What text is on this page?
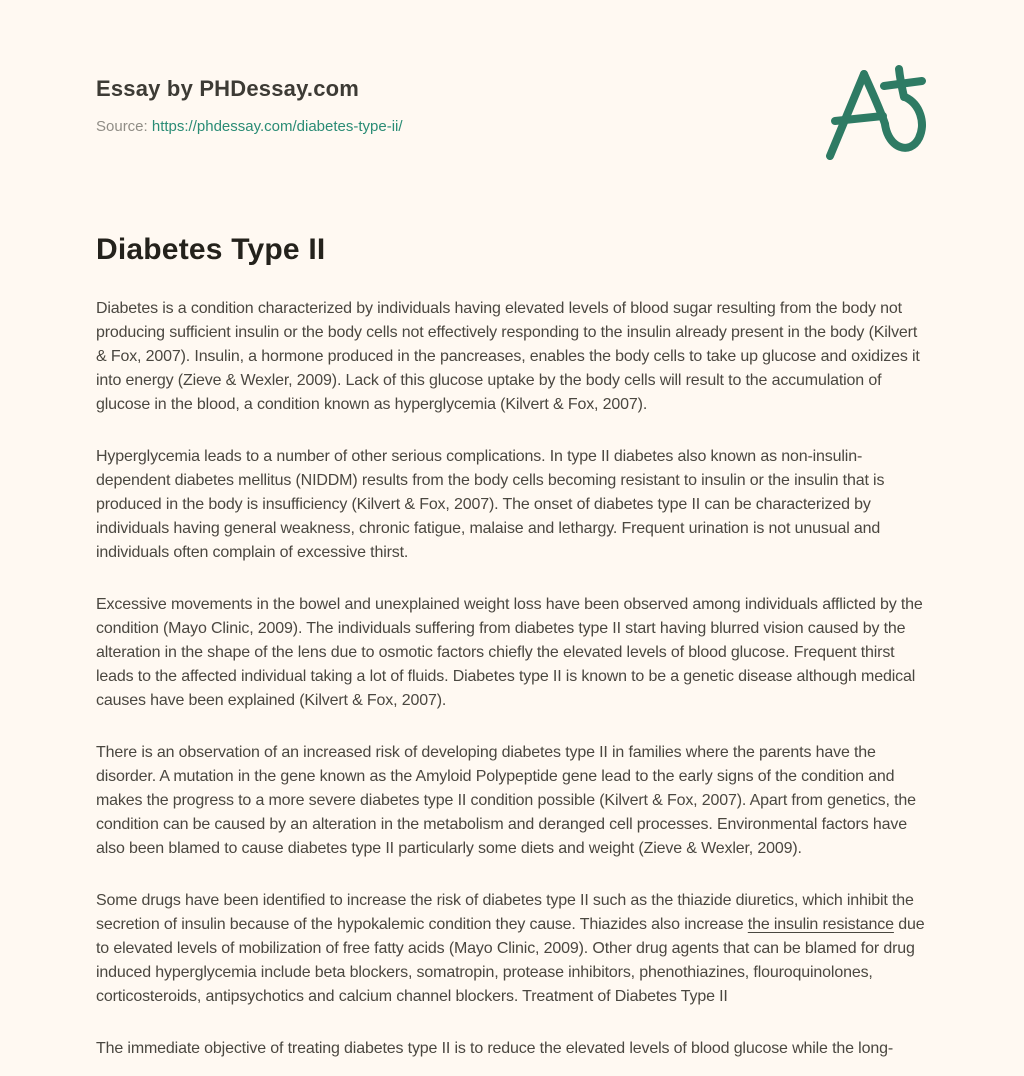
Essay by PHDessay.com
Source: https://phdessay.com/diabetes-type-ii/
Diabetes Type II

Diabetes is a condition characterized by individuals having elevated levels of blood sugar resulting from the body not producing sufficient insulin or the body cells not effectively responding to the insulin already present in the body (Kilvert & Fox, 2007). Insulin, a hormone produced in the pancreases, enables the body cells to take up glucose and oxidizes it into energy (Zieve & Wexler, 2009). Lack of this glucose uptake by the body cells will result to the accumulation of glucose in the blood, a condition known as hyperglycemia (Kilvert & Fox, 2007).

Hyperglycemia leads to a number of other serious complications. In type II diabetes also known as non-insulin-dependent diabetes mellitus (NIDDM) results from the body cells becoming resistant to insulin or the insulin that is produced in the body is insufficiency (Kilvert & Fox, 2007). The onset of diabetes type II can be characterized by individuals having general weakness, chronic fatigue, malaise and lethargy. Frequent urination is not unusual and individuals often complain of excessive thirst.

Excessive movements in the bowel and unexplained weight loss have been observed among individuals afflicted by the condition (Mayo Clinic, 2009). The individuals suffering from diabetes type II start having blurred vision caused by the alteration in the shape of the lens due to osmotic factors chiefly the elevated levels of blood glucose. Frequent thirst leads to the affected individual taking a lot of fluids. Diabetes type II is known to be a genetic disease although medical causes have been explained (Kilvert & Fox, 2007).

There is an observation of an increased risk of developing diabetes type II in families where the parents have the disorder. A mutation in the gene known as the Amyloid Polypeptide gene lead to the early signs of the condition and makes the progress to a more severe diabetes type II condition possible (Kilvert & Fox, 2007). Apart from genetics, the condition can be caused by an alteration in the metabolism and deranged cell processes. Environmental factors have also been blamed to cause diabetes type II particularly some diets and weight (Zieve & Wexler, 2009).

Some drugs have been identified to increase the risk of diabetes type II such as the thiazide diuretics, which inhibit the secretion of insulin because of the hypokalemic condition they cause. Thiazides also increase the insulin resistance due to elevated levels of mobilization of free fatty acids (Mayo Clinic, 2009). Other drug agents that can be blamed for drug induced hyperglycemia include beta blockers, somatropin, protease inhibitors, phenothiazines, flouroquinolones, corticosteroids, antipsychotics and calcium channel blockers. Treatment of Diabetes Type II

The immediate objective of treating diabetes type II is to reduce the elevated levels of blood glucose while the long-
